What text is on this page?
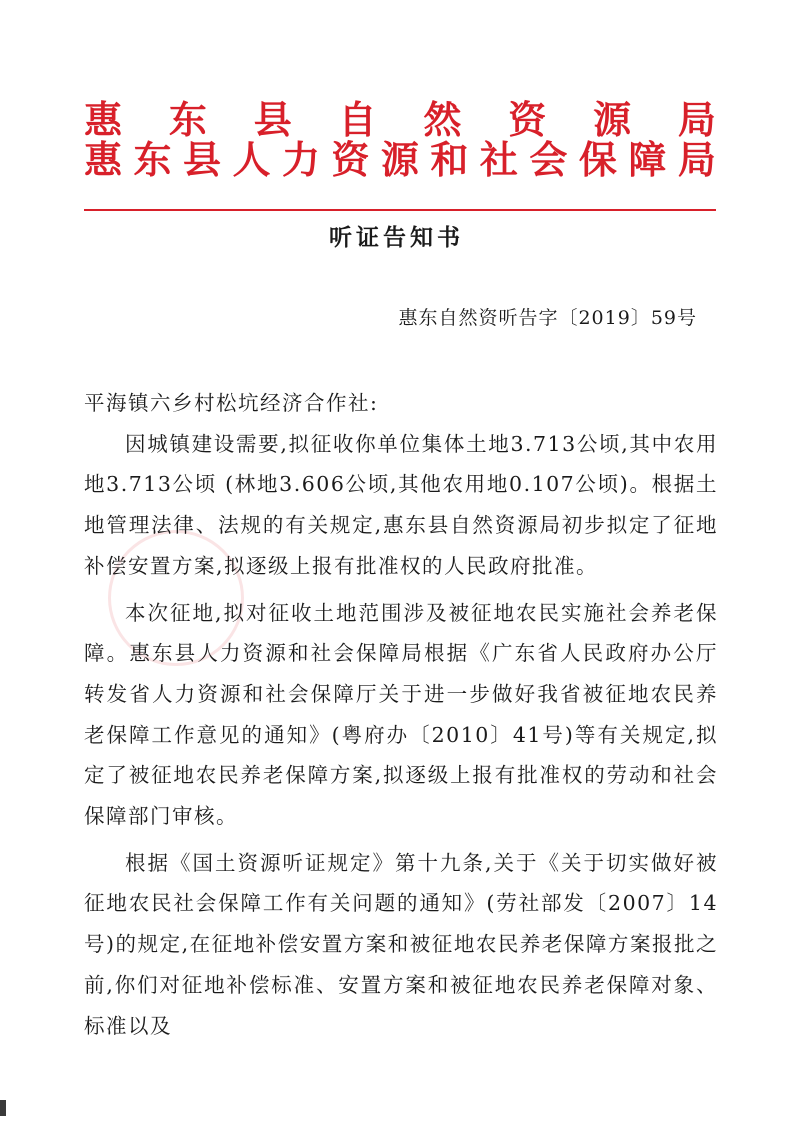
惠 东 县 自 然 资 源 局
惠 东 县 人 力 资 源 和 社 会 保 障 局
听证告知书
惠东自然资听告字〔2019〕59号

平海镇六乡村松坑经济合作社:

因城镇建设需要,拟征收你单位集体土地3.713公顷,其中农用地3.713公顷 (林地3.606公顷,其他农用地0.107公顷)。根据土地管理法律、法规的有关规定,惠东县自然资源局初步拟定了征地补偿安置方案,拟逐级上报有批准权的人民政府批准。

本次征地,拟对征收土地范围涉及被征地农民实施社会养老保障。惠东县人力资源和社会保障局根据《广东省人民政府办公厅转发省人力资源和社会保障厅关于进一步做好我省被征地农民养老保障工作意见的通知》(粤府办〔2010〕41号)等有关规定,拟定了被征地农民养老保障方案,拟逐级上报有批准权的劳动和社会保障部门审核。

根据《国土资源听证规定》第十九条,关于《关于切实做好被征地农民社会保障工作有关问题的通知》(劳社部发〔2007〕14号)的规定,在征地补偿安置方案和被征地农民养老保障方案报批之前,你们对征地补偿标准、安置方案和被征地农民养老保障对象、标准以及
